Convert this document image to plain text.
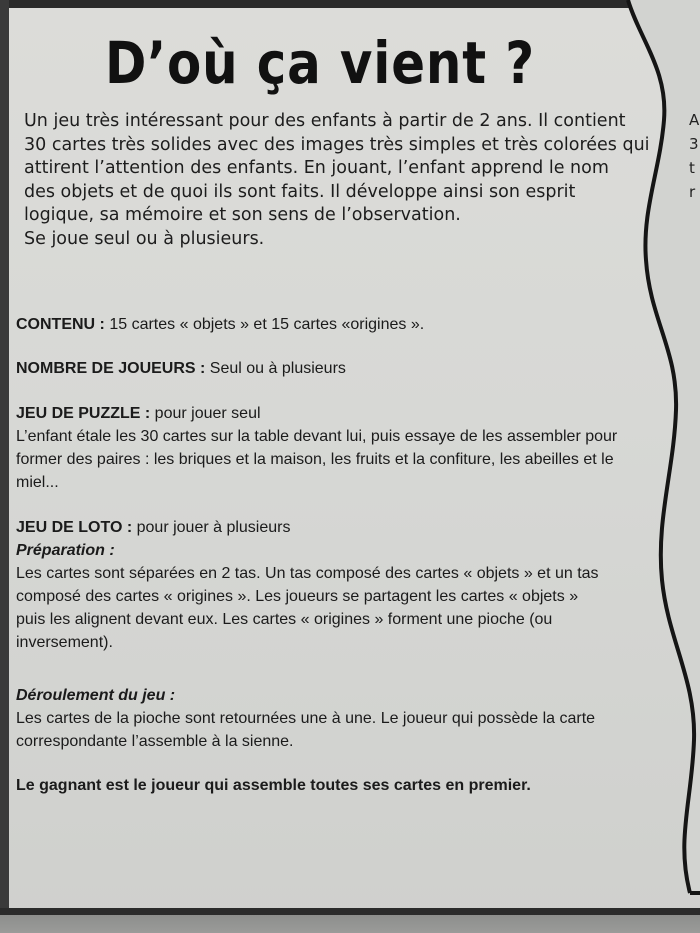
A
3
t
r
D’où ça vient ?
Un jeu très intéressant pour des enfants à partir de 2 ans. Il contient
30 cartes très solides avec des images très simples et très colorées qui
attirent l’attention des enfants. En jouant, l’enfant apprend le nom
des objets et de quoi ils sont faits. Il développe ainsi son esprit
logique, sa mémoire et son sens de l’observation.
Se joue seul ou à plusieurs.
CONTENU : 15 cartes « objets » et 15 cartes «origines ».
NOMBRE DE JOUEURS : Seul ou à plusieurs
JEU DE PUZZLE : pour jouer seul
L’enfant étale les 30 cartes sur la table devant lui, puis essaye de les assembler pour
former des paires : les briques et la maison, les fruits et la confiture, les abeilles et le
miel...
JEU DE LOTO : pour jouer à plusieurs
Préparation :
Les cartes sont séparées en 2 tas. Un tas composé des cartes « objets » et un tas
composé des cartes « origines ». Les joueurs se partagent les cartes « objets »
puis les alignent devant eux. Les cartes « origines » forment une pioche (ou
inversement).
Déroulement du jeu :
Les cartes de la pioche sont retournées une à une. Le joueur qui possède la carte
correspondante l’assemble à la sienne.
Le gagnant est le joueur qui assemble toutes ses cartes en premier.
